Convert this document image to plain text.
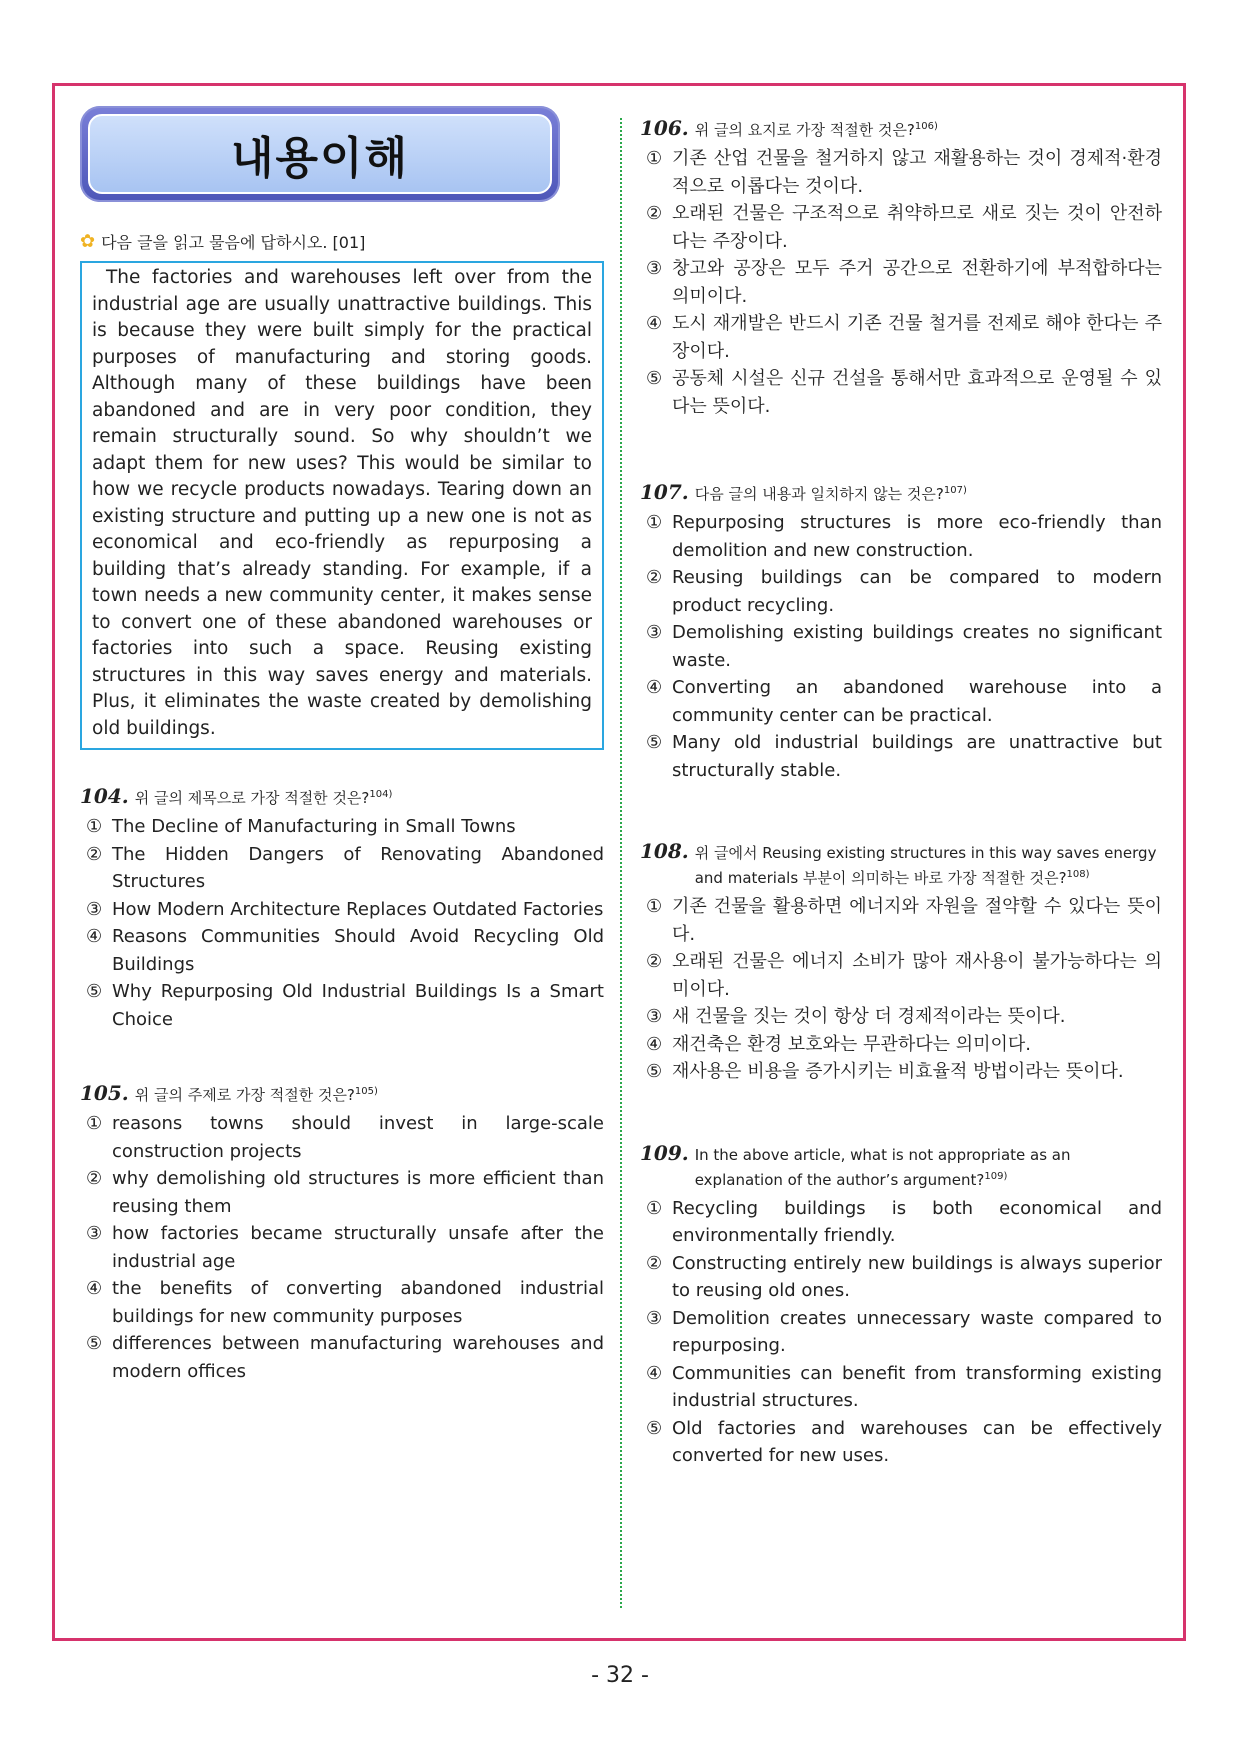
내용이해
✿ 다음 글을 읽고 물음에 답하시오. [01]

The factories and warehouses left over from the industrial age are usually unattractive buildings. This is because they were built simply for the practical purposes of manufacturing and storing goods. Although many of these buildings have been abandoned and are in very poor condition, they remain structurally sound. So why shouldn’t we adapt them for new uses? This would be similar to how we recycle products nowadays. Tearing down an existing structure and putting up a new one is not as economical and eco-friendly as repurposing a building that’s already standing. For example, if a town needs a new community center, it makes sense to convert one of these abandoned warehouses or factories into such a space. Reusing existing structures in this way saves energy and materials. Plus, it eliminates the waste created by demolishing old buildings.

104. 위 글의 제목으로 가장 적절한 것은?$^{104)}$
① The Decline of Manufacturing in Small Towns
② The Hidden Dangers of Renovating Abandoned Structures
③ How Modern Architecture Replaces Outdated Factories
④ Reasons Communities Should Avoid Recycling Old Buildings
⑤ Why Repurposing Old Industrial Buildings Is a Smart Choice
105. 위 글의 주제로 가장 적절한 것은?$^{105)}$
① reasons towns should invest in large-scale construction projects
② why demolishing old structures is more efficient than reusing them
③ how factories became structurally unsafe after the industrial age
④ the benefits of converting abandoned industrial buildings for new community purposes
⑤ differences between manufacturing warehouses and modern offices
106. 위 글의 요지로 가장 적절한 것은?$^{106)}$
① 기존 산업 건물을 철거하지 않고 재활용하는 것이 경제적·환경적으로 이롭다는 것이다.
② 오래된 건물은 구조적으로 취약하므로 새로 짓는 것이 안전하다는 주장이다.
③ 창고와 공장은 모두 주거 공간으로 전환하기에 부적합하다는 의미이다.
④ 도시 재개발은 반드시 기존 건물 철거를 전제로 해야 한다는 주장이다.
⑤ 공동체 시설은 신규 건설을 통해서만 효과적으로 운영될 수 있다는 뜻이다.
107. 다음 글의 내용과 일치하지 않는 것은?$^{107)}$
① Repurposing structures is more eco-friendly than demolition and new construction.
② Reusing buildings can be compared to modern product recycling.
③ Demolishing existing buildings creates no significant waste.
④ Converting an abandoned warehouse into a community center can be practical.
⑤ Many old industrial buildings are unattractive but structurally stable.
108. 위 글에서 Reusing existing structures in this way saves energy and materials 부분이 의미하는 바로 가장 적절한 것은?$^{108)}$
① 기존 건물을 활용하면 에너지와 자원을 절약할 수 있다는 뜻이다.
② 오래된 건물은 에너지 소비가 많아 재사용이 불가능하다는 의미이다.
③ 새 건물을 짓는 것이 항상 더 경제적이라는 뜻이다.
④ 재건축은 환경 보호와는 무관하다는 의미이다.
⑤ 재사용은 비용을 증가시키는 비효율적 방법이라는 뜻이다.
109. In the above article, what is not appropriate as an explanation of the author’s argument?$^{109)}$
① Recycling buildings is both economical and environmentally friendly.
② Constructing entirely new buildings is always superior to reusing old ones.
③ Demolition creates unnecessary waste compared to repurposing.
④ Communities can benefit from transforming existing industrial structures.
⑤ Old factories and warehouses can be effectively converted for new uses.
- 32 -
